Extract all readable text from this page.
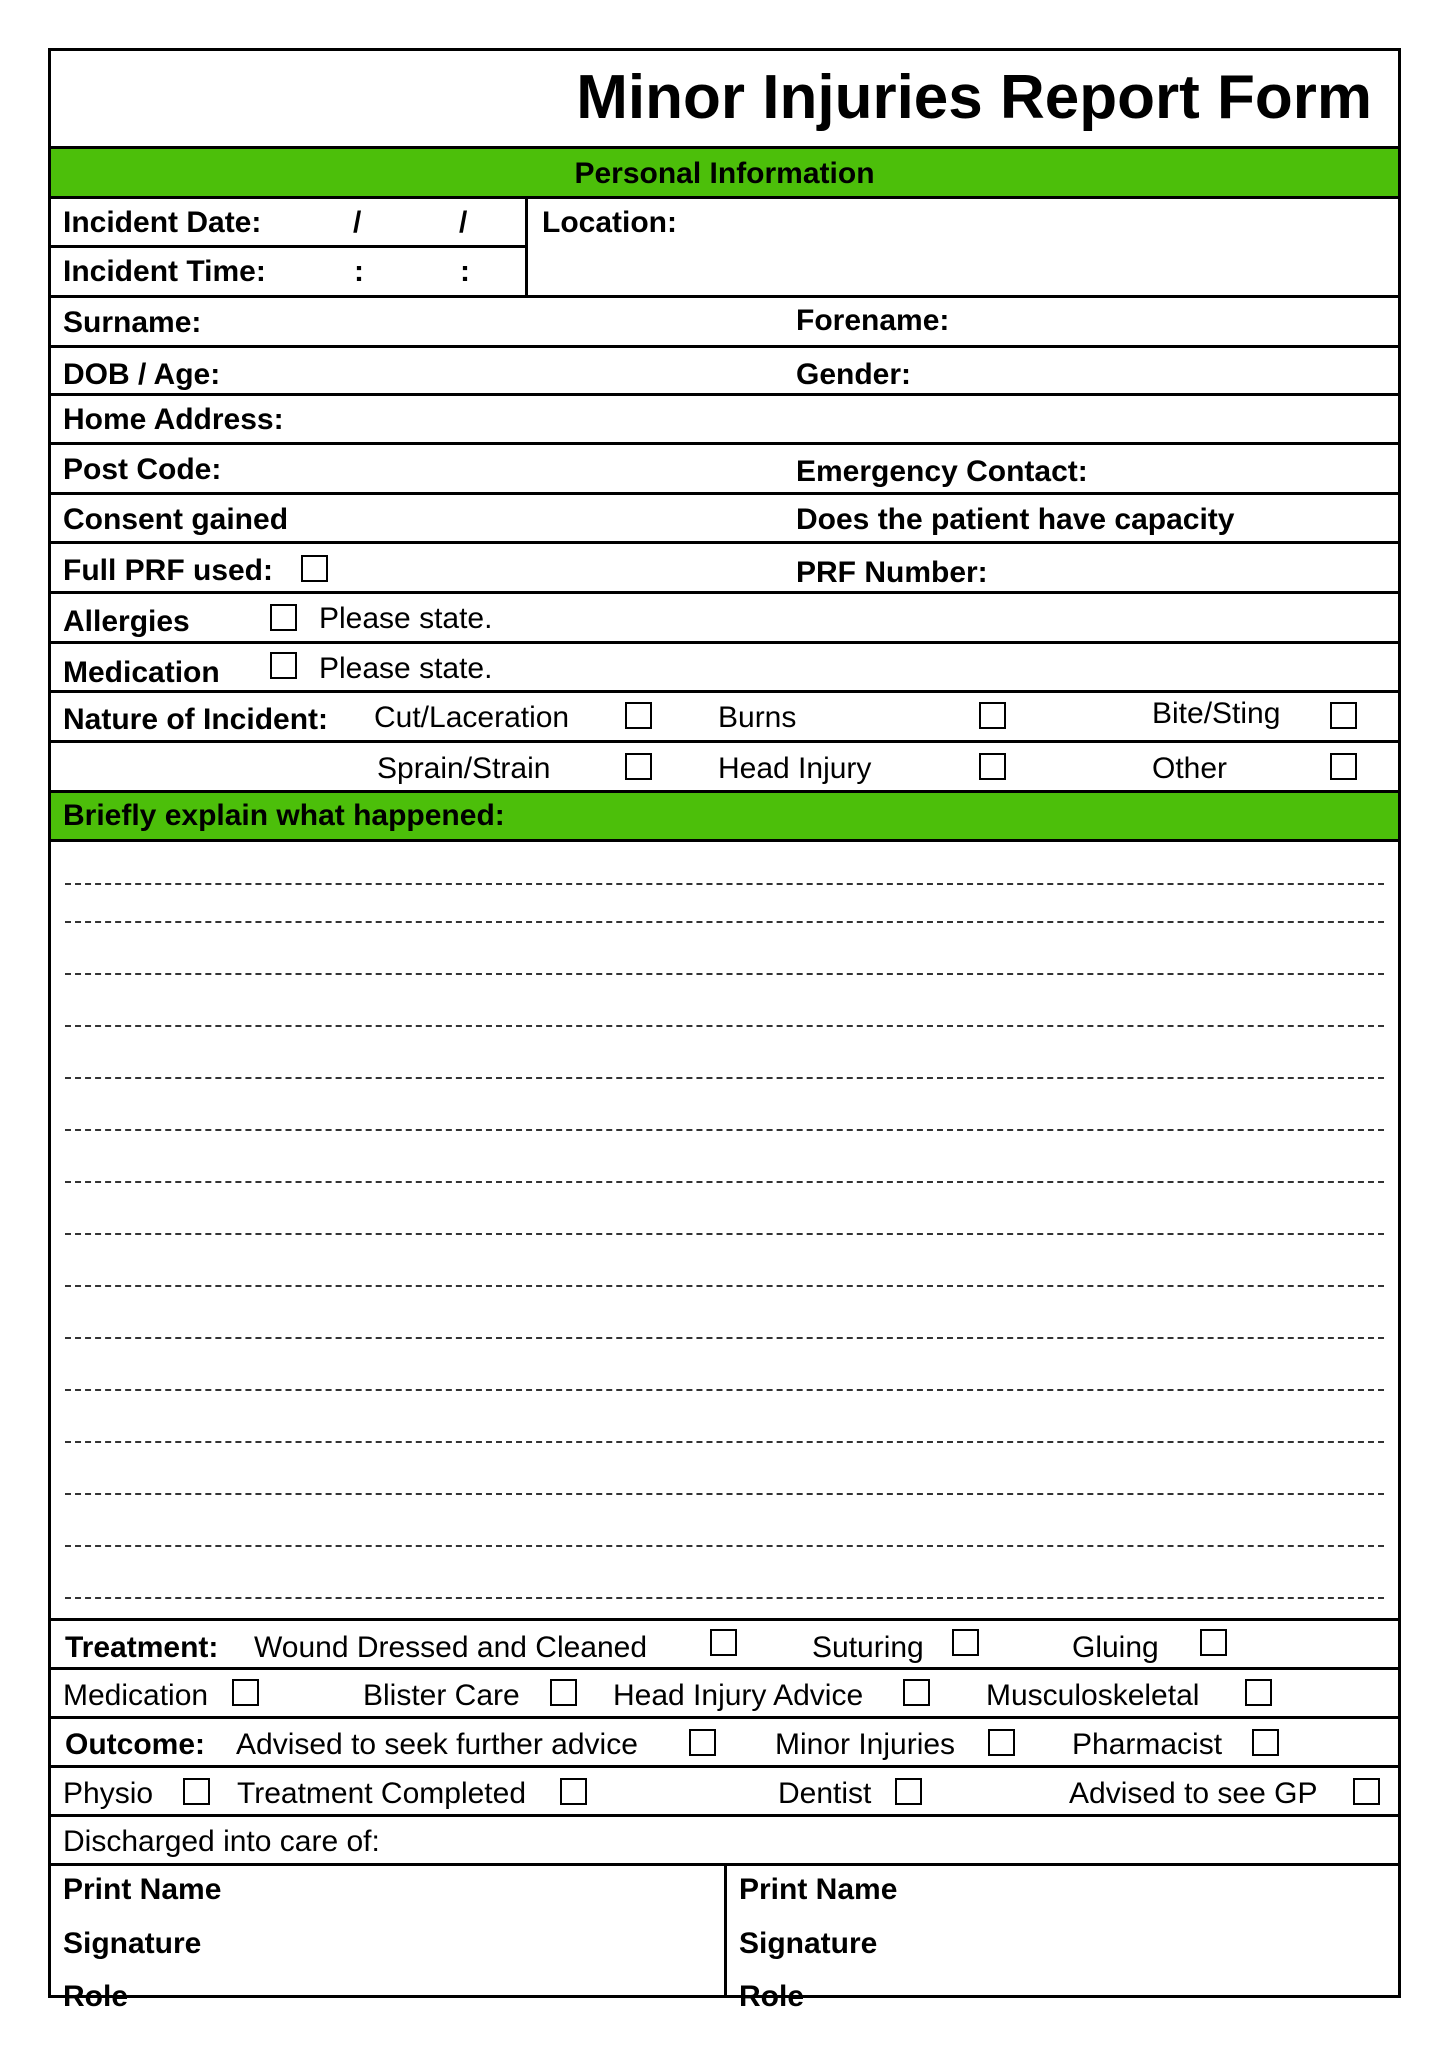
Minor Injuries Report Form
Personal Information
Incident Date:	/	/
Incident Time:	:	:
Location:
Surname:	Forename:
DOB / Age:	Gender:
Home Address:
Post Code:	Emergency Contact:
Consent gained	Does the patient have capacity
Full PRF used:	PRF Number:
Allergies	Please state.
Medication	Please state.
Nature of Incident: Cut/Laceration	Burns	Bite/Sting
Sprain/Strain	Head Injury	Other
Briefly explain what happened:
Treatment: Wound Dressed and Cleaned	Suturing	Gluing
Medication	Blister Care	Head Injury Advice	Musculoskeletal
Outcome: Advised to seek further advice	Minor Injuries	Pharmacist
Physio	Treatment Completed	Dentist	Advised to see GP
Discharged into care of:
Print Name
Signature
Role
Print Name
Signature
Role
